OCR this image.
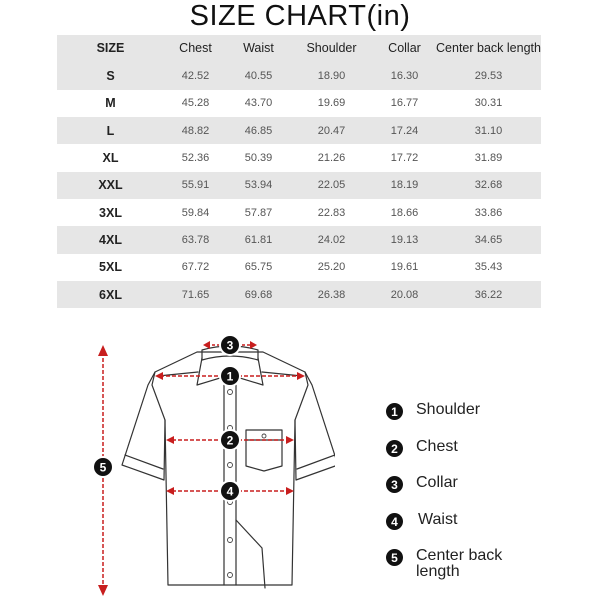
SIZE CHART(in)
SIZE	Chest	Waist	Shoulder	Collar	Center back length
S	42.52	40.55	18.90	16.30	29.53
M	45.28	43.70	19.69	16.77	30.31
L	48.82	46.85	20.47	17.24	31.10
XL	52.36	50.39	21.26	17.72	31.89
XXL	55.91	53.94	22.05	18.19	32.68
3XL	59.84	57.87	22.83	18.66	33.86
4XL	63.78	61.81	24.02	19.13	34.65
5XL	67.72	65.75	25.20	19.61	35.43
6XL	71.65	69.68	26.38	20.08	36.22
3
1
2
4
5
1	Shoulder
2	Chest
3	Collar
4	Waist
5	Center back length
